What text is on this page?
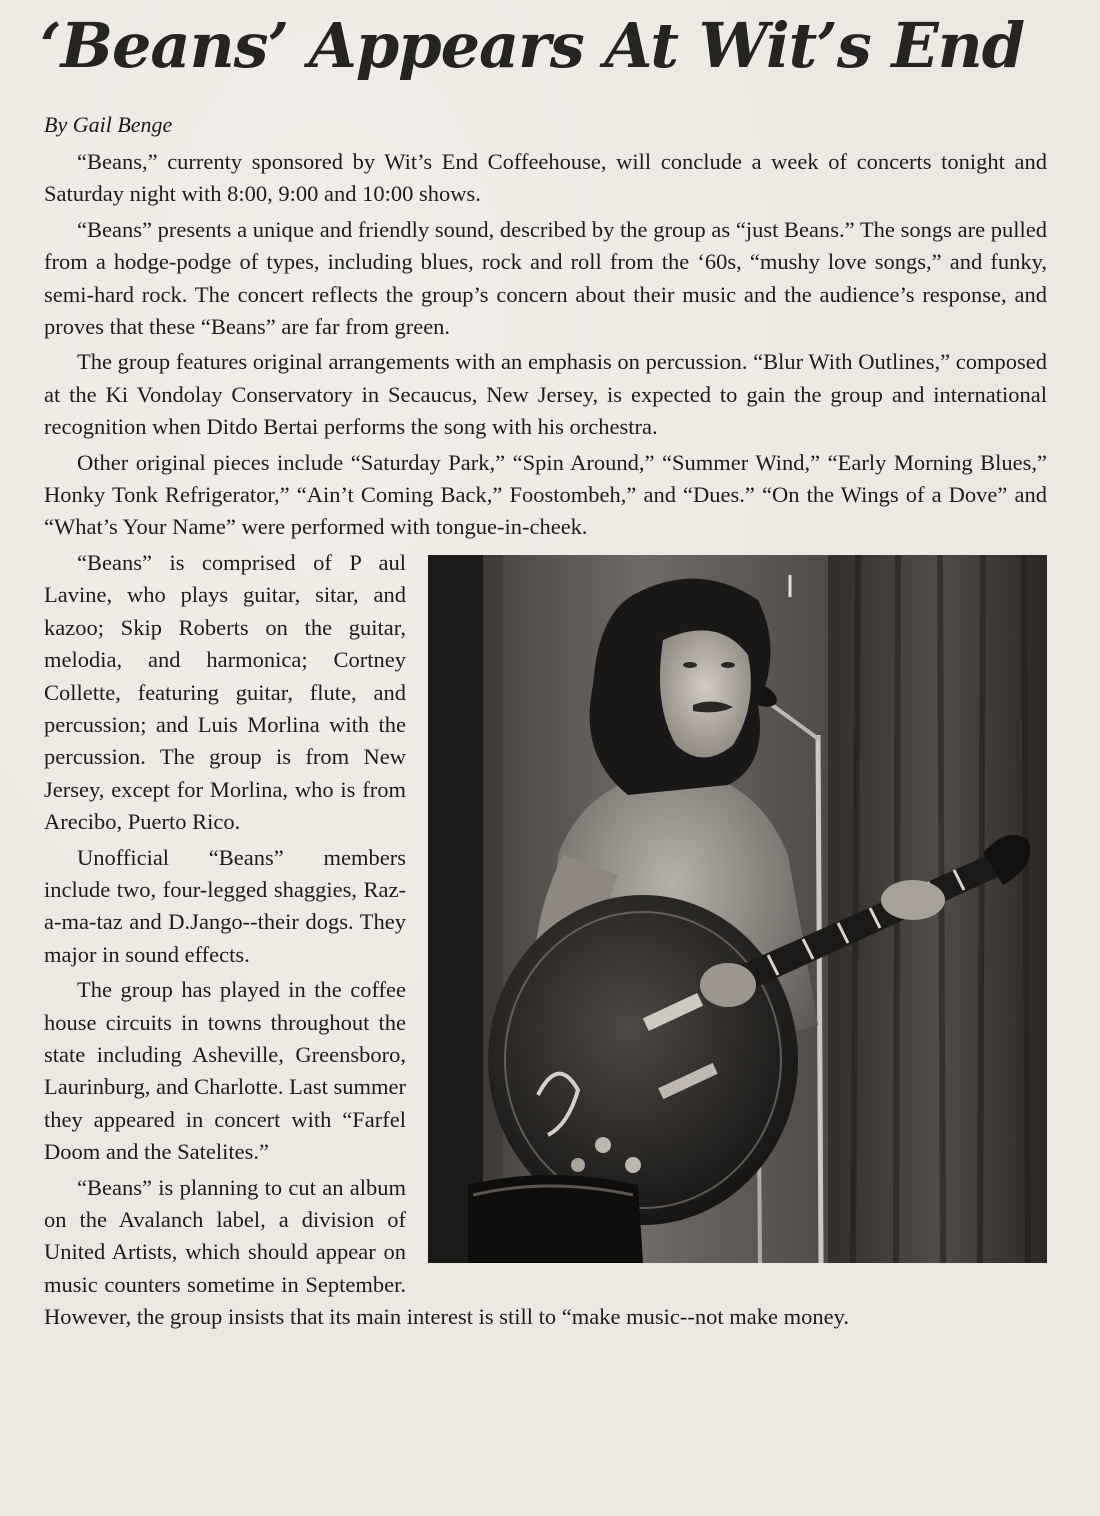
‘Beans’ Appears At Wit’s End

By Gail Benge

“Beans,” currenty sponsored by Wit’s End Coffeehouse, will conclude a week of concerts tonight and Saturday night with 8:00, 9:00 and 10:00 shows.

“Beans” presents a unique and friendly sound, described by the group as “just Beans.” The songs are pulled from a hodge-podge of types, including blues, rock and roll from the ‘60s, “mushy love songs,” and funky, semi-hard rock. The concert reflects the group’s concern about their music and the audience’s response, and proves that these “Beans” are far from green.

The group features original arrangements with an emphasis on percussion. “Blur With Outlines,” composed at the Ki Vondolay Conservatory in Secaucus, New Jersey, is expected to gain the group and international recognition when Ditdo Bertai performs the song with his orchestra.

Other original pieces include “Saturday Park,” “Spin Around,” “Summer Wind,” “Early Morning Blues,” Honky Tonk Refrigerator,” “Ain’t Coming Back,” Foostombeh,” and “Dues.” “On the Wings of a Dove” and “What’s Your Name” were performed with tongue-in-cheek.

“Beans” is comprised of P aul Lavine, who plays guitar, sitar, and kazoo; Skip Roberts on the guitar, melodia, and harmonica; Cortney Collette, featuring guitar, flute, and percussion; and Luis Morlina with the percussion. The group is from New Jersey, except for Morlina, who is from Arecibo, Puerto Rico.

Unofficial “Beans” members include two, four-legged shaggies, Raz-a-ma-taz and D.Jango--their dogs. They major in sound effects.

The group has played in the coffee house circuits in towns throughout the state including Asheville, Greensboro, Laurinburg, and Charlotte. Last summer they appeared in concert with “Farfel Doom and the Satelites.”

“Beans” is planning to cut an album on the Avalanch label, a division of United Artists, which should appear on music counters sometime in September. However, the group insists that its main interest is still to “make music--not make money.
